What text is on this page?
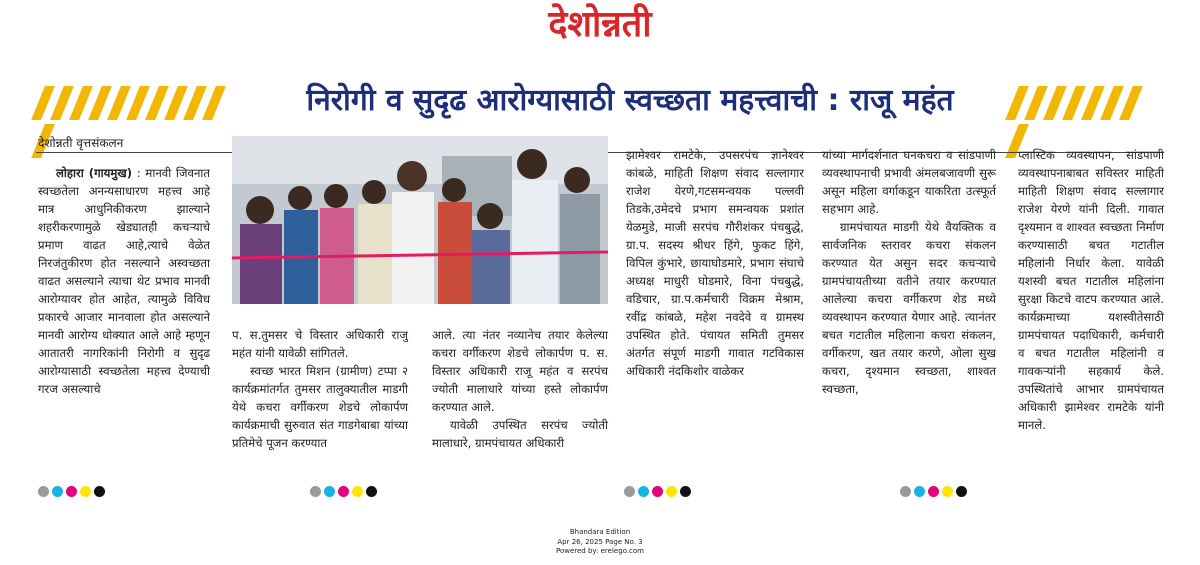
देशोन्नती
निरोगी व सुदृढ आरोग्यासाठी स्वच्छता महत्त्वाची : राजू महंत
देशोन्नती वृत्तसंकलन

लोहारा (गायमुख) : मानवी जिवनात स्वच्छतेला अनन्यसाधारण महत्त्व आहे मात्र आधुनिकीकरण झाल्याने शहरीकरणामुळे खेड्यातही कचऱ्याचे प्रमाण वाढत आहे,त्याचे वेळेत निरजंतुकीरण होत नसल्याने अस्वच्छता वाढत असल्याने त्याचा थेट प्रभाव मानवी आरोग्यावर होत आहेत, त्यामुळे विविध प्रकारचे आजार मानवाला होत असल्याने मानवी आरोग्य धोक्यात आले आहे म्हणून आतातरी नागरिकांनी निरोगी व सुदृढ आरोग्यासाठी स्वच्छतेला महत्त्व देण्याची गरज असल्याचे

प. स.तुमसर चे विस्तार अधिकारी राजु महंत यांनी यावेळी सांगितले.

स्वच्छ भारत मिशन (ग्रामीण) टप्पा २ कार्यक्रमांतर्गत तुमसर तालुक्यातील माडगी येथे कचरा वर्गीकरण शेडचे लोकार्पण कार्यक्रमाची सुरुवात संत गाडगेबाबा यांच्या प्रतिमेचे पूजन करण्यात

आले. त्या नंतर नव्यानेच तयार केलेल्या कचरा वर्गीकरण शेडचे लोकार्पण प. स. विस्तार अधिकारी राजू महंत व सरपंच ज्योती मालाधारे यांच्या हस्ते लोकार्पण करण्यात आले.

यावेळी उपस्थित सरपंच ज्योती मालाधारे, ग्रामपंचायत अधिकारी

झामेश्वर रामटेके, उपसरपंच ज्ञानेश्वर कांबळे, माहिती शिक्षण संवाद सल्लागार राजेश येरणे,गटसमन्वयक पल्लवी तिडके,उमेदचे प्रभाग समन्वयक प्रशांत येळमुडे, माजी सरपंच गौरीशंकर पंचबुद्धे, ग्रा.प. सदस्य श्रीधर हिंगे, फुकट हिंगे, विपिल कुंभारे, छायाघोडमारे, प्रभाग संघाचे अध्यक्ष माधुरी घोडमारे, विना पंचबुद्धे, वडिचार, ग्रा.प.कर्मचारी विक्रम मेश्राम, रवींद्र कांबळे, महेश नवदेवे व ग्रामस्थ उपस्थित होते. पंचायत समिती तुमसर अंतर्गत संपूर्ण माडगी गावात गटविकास अधिकारी नंदकिशोर वाळेकर

यांच्या मार्गदर्शनात घनकचरा व सांडपाणी व्यवस्थापनाची प्रभावी अंमलबजावणी सुरू असून महिला वर्गाकडून याकरिता उत्स्फूर्त सहभाग आहे.

ग्रामपंचायत माडगी येथे वैयक्तिक व सार्वजनिक स्तरावर कचरा संकलन करण्यात येत असुन सदर कचऱ्याचे ग्रामपंचायतीच्या वतीने तयार करण्यात आलेल्या कचरा वर्गीकरण शेड मध्ये व्यवस्थापन करण्यात येणार आहे. त्यानंतर बचत गटातील महिलाना कचरा संकलन, वर्गीकरण, खत तयार करणे, ओला सुख कचरा, दृश्यमान स्वच्छता, शाश्वत स्वच्छता,

प्लास्टिक व्यवस्थापन, सांडपाणी व्यवस्थापनाबाबत सविस्तर माहिती माहिती शिक्षण संवाद सल्लागार राजेश येरणे यांनी दिली. गावात दृश्यमान व शाश्वत स्वच्छता निर्माण करण्यासाठी बचत गटातील महिलांनी निर्धार केला. यावेळी यशस्वी बचत गटातील महिलांना सुरक्षा किटचे वाटप करण्यात आले. कार्यक्रमाच्या यशस्वीतेसाठी ग्रामपंचायत पदाधिकारी, कर्मचारी व बचत गटातील महिलांनी व गावकऱ्यांनी सहकार्य केले. उपस्थितांचे आभार ग्रामपंचायत अधिकारी झामेश्वर रामटेके यांनी मानले.

Bhandara Edition
Apr 26, 2025 Page No. 3
Powered by: erelego.com
